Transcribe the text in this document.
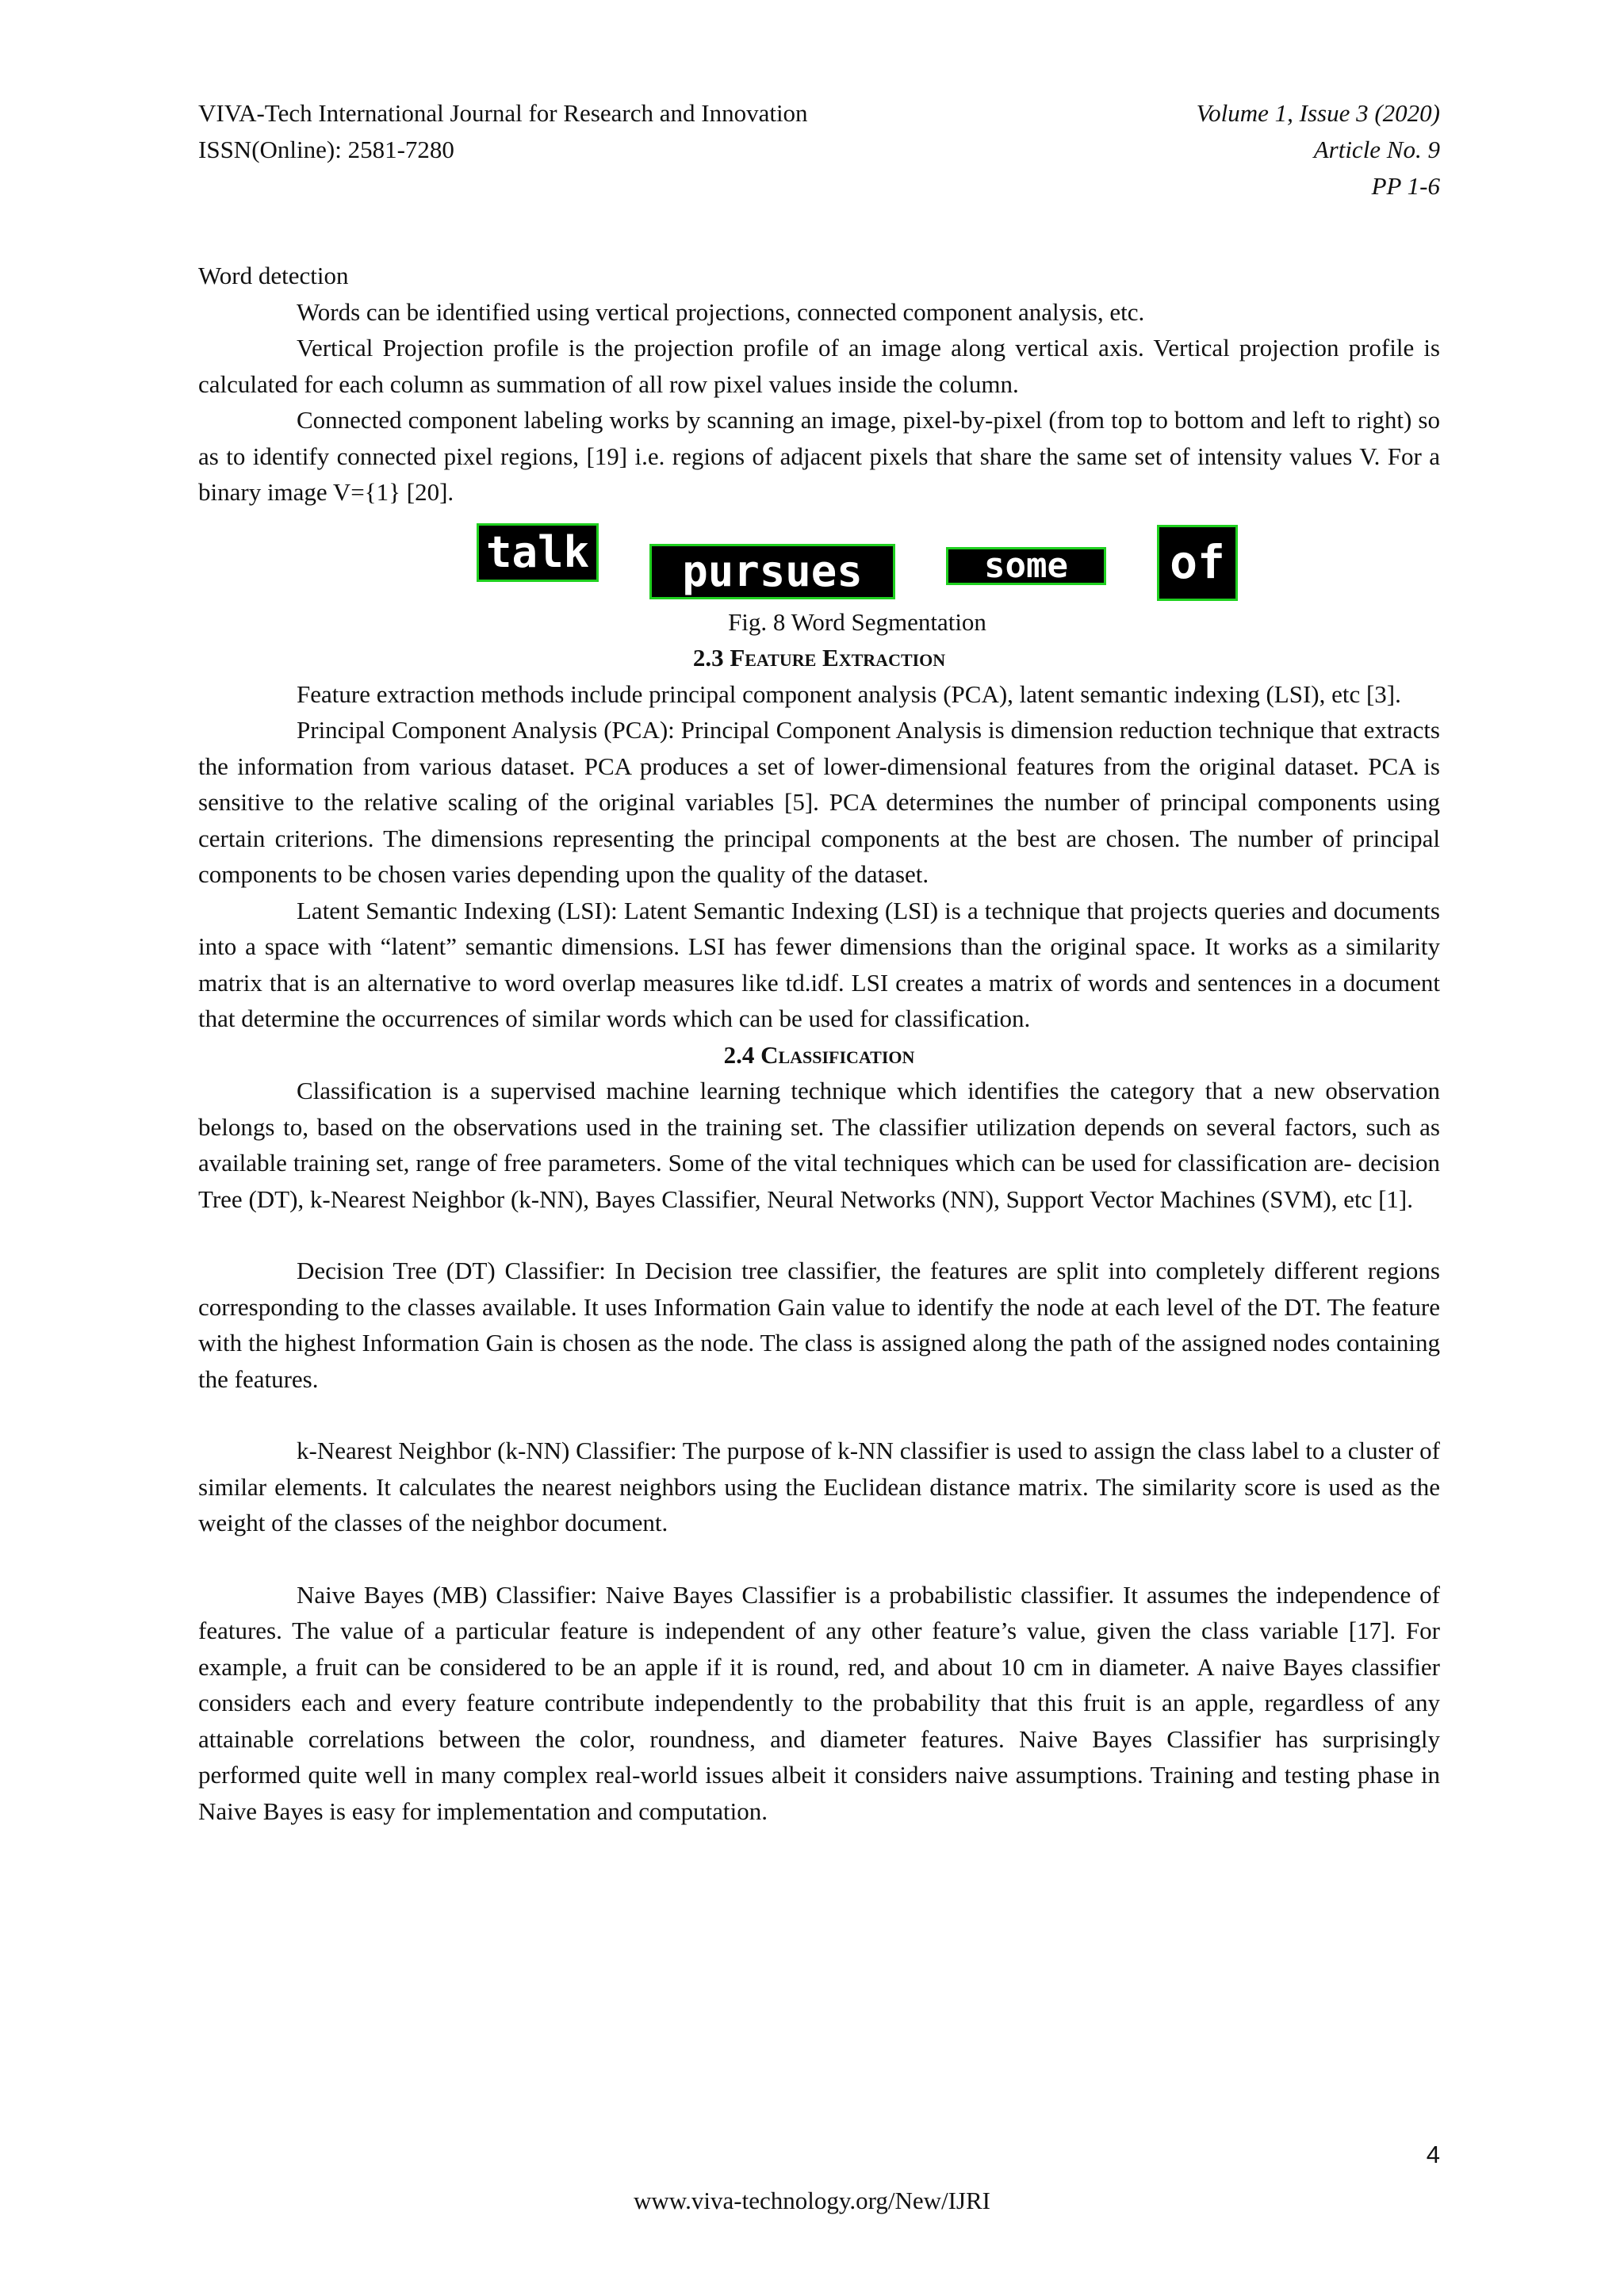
VIVA-Tech International Journal for Research and Innovation
ISSN(Online): 2581-7280
Volume 1, Issue 3 (2020)
Article No. 9
PP 1-6

Word detection

Words can be identified using vertical projections, connected component analysis, etc.

Vertical Projection profile is the projection profile of an image along vertical axis. Vertical projection profile is calculated for each column as summation of all row pixel values inside the column.

Connected component labeling works by scanning an image, pixel-by-pixel (from top to bottom and left to right) so as to identify connected pixel regions, [19] i.e. regions of adjacent pixels that share the same set of intensity values V. For a binary image V={1} [20].

talk	pursues	some	of

Fig. 8 Word Segmentation

2.3 Feature Extraction

Feature extraction methods include principal component analysis (PCA), latent semantic indexing (LSI), etc [3].

Principal Component Analysis (PCA): Principal Component Analysis is dimension reduction technique that extracts the information from various dataset. PCA produces a set of lower-dimensional features from the original dataset. PCA is sensitive to the relative scaling of the original variables [5]. PCA determines the number of principal components using certain criterions. The dimensions representing the principal components at the best are chosen. The number of principal components to be chosen varies depending upon the quality of the dataset.

Latent Semantic Indexing (LSI): Latent Semantic Indexing (LSI) is a technique that projects queries and documents into a space with “latent” semantic dimensions. LSI has fewer dimensions than the original space. It works as a similarity matrix that is an alternative to word overlap measures like td.idf. LSI creates a matrix of words and sentences in a document that determine the occurrences of similar words which can be used for classification.

2.4 Classification

Classification is a supervised machine learning technique which identifies the category that a new observation belongs to, based on the observations used in the training set. The classifier utilization depends on several factors, such as available training set, range of free parameters. Some of the vital techniques which can be used for classification are- decision Tree (DT), k-Nearest Neighbor (k-NN), Bayes Classifier, Neural Networks (NN), Support Vector Machines (SVM), etc [1].

Decision Tree (DT) Classifier: In Decision tree classifier, the features are split into completely different regions corresponding to the classes available. It uses Information Gain value to identify the node at each level of the DT. The feature with the highest Information Gain is chosen as the node. The class is assigned along the path of the assigned nodes containing the features.

k-Nearest Neighbor (k-NN) Classifier: The purpose of k-NN classifier is used to assign the class label to a cluster of similar elements. It calculates the nearest neighbors using the Euclidean distance matrix. The similarity score is used as the weight of the classes of the neighbor document.

Naive Bayes (MB) Classifier: Naive Bayes Classifier is a probabilistic classifier. It assumes the independence of features. The value of a particular feature is independent of any other feature’s value, given the class variable [17]. For example, a fruit can be considered to be an apple if it is round, red, and about 10 cm in diameter. A naive Bayes classifier considers each and every feature contribute independently to the probability that this fruit is an apple, regardless of any attainable correlations between the color, roundness, and diameter features. Naive Bayes Classifier has surprisingly performed quite well in many complex real-world issues albeit it considers naive assumptions. Training and testing phase in Naive Bayes is easy for implementation and computation.

4
www.viva-technology.org/New/IJRI
